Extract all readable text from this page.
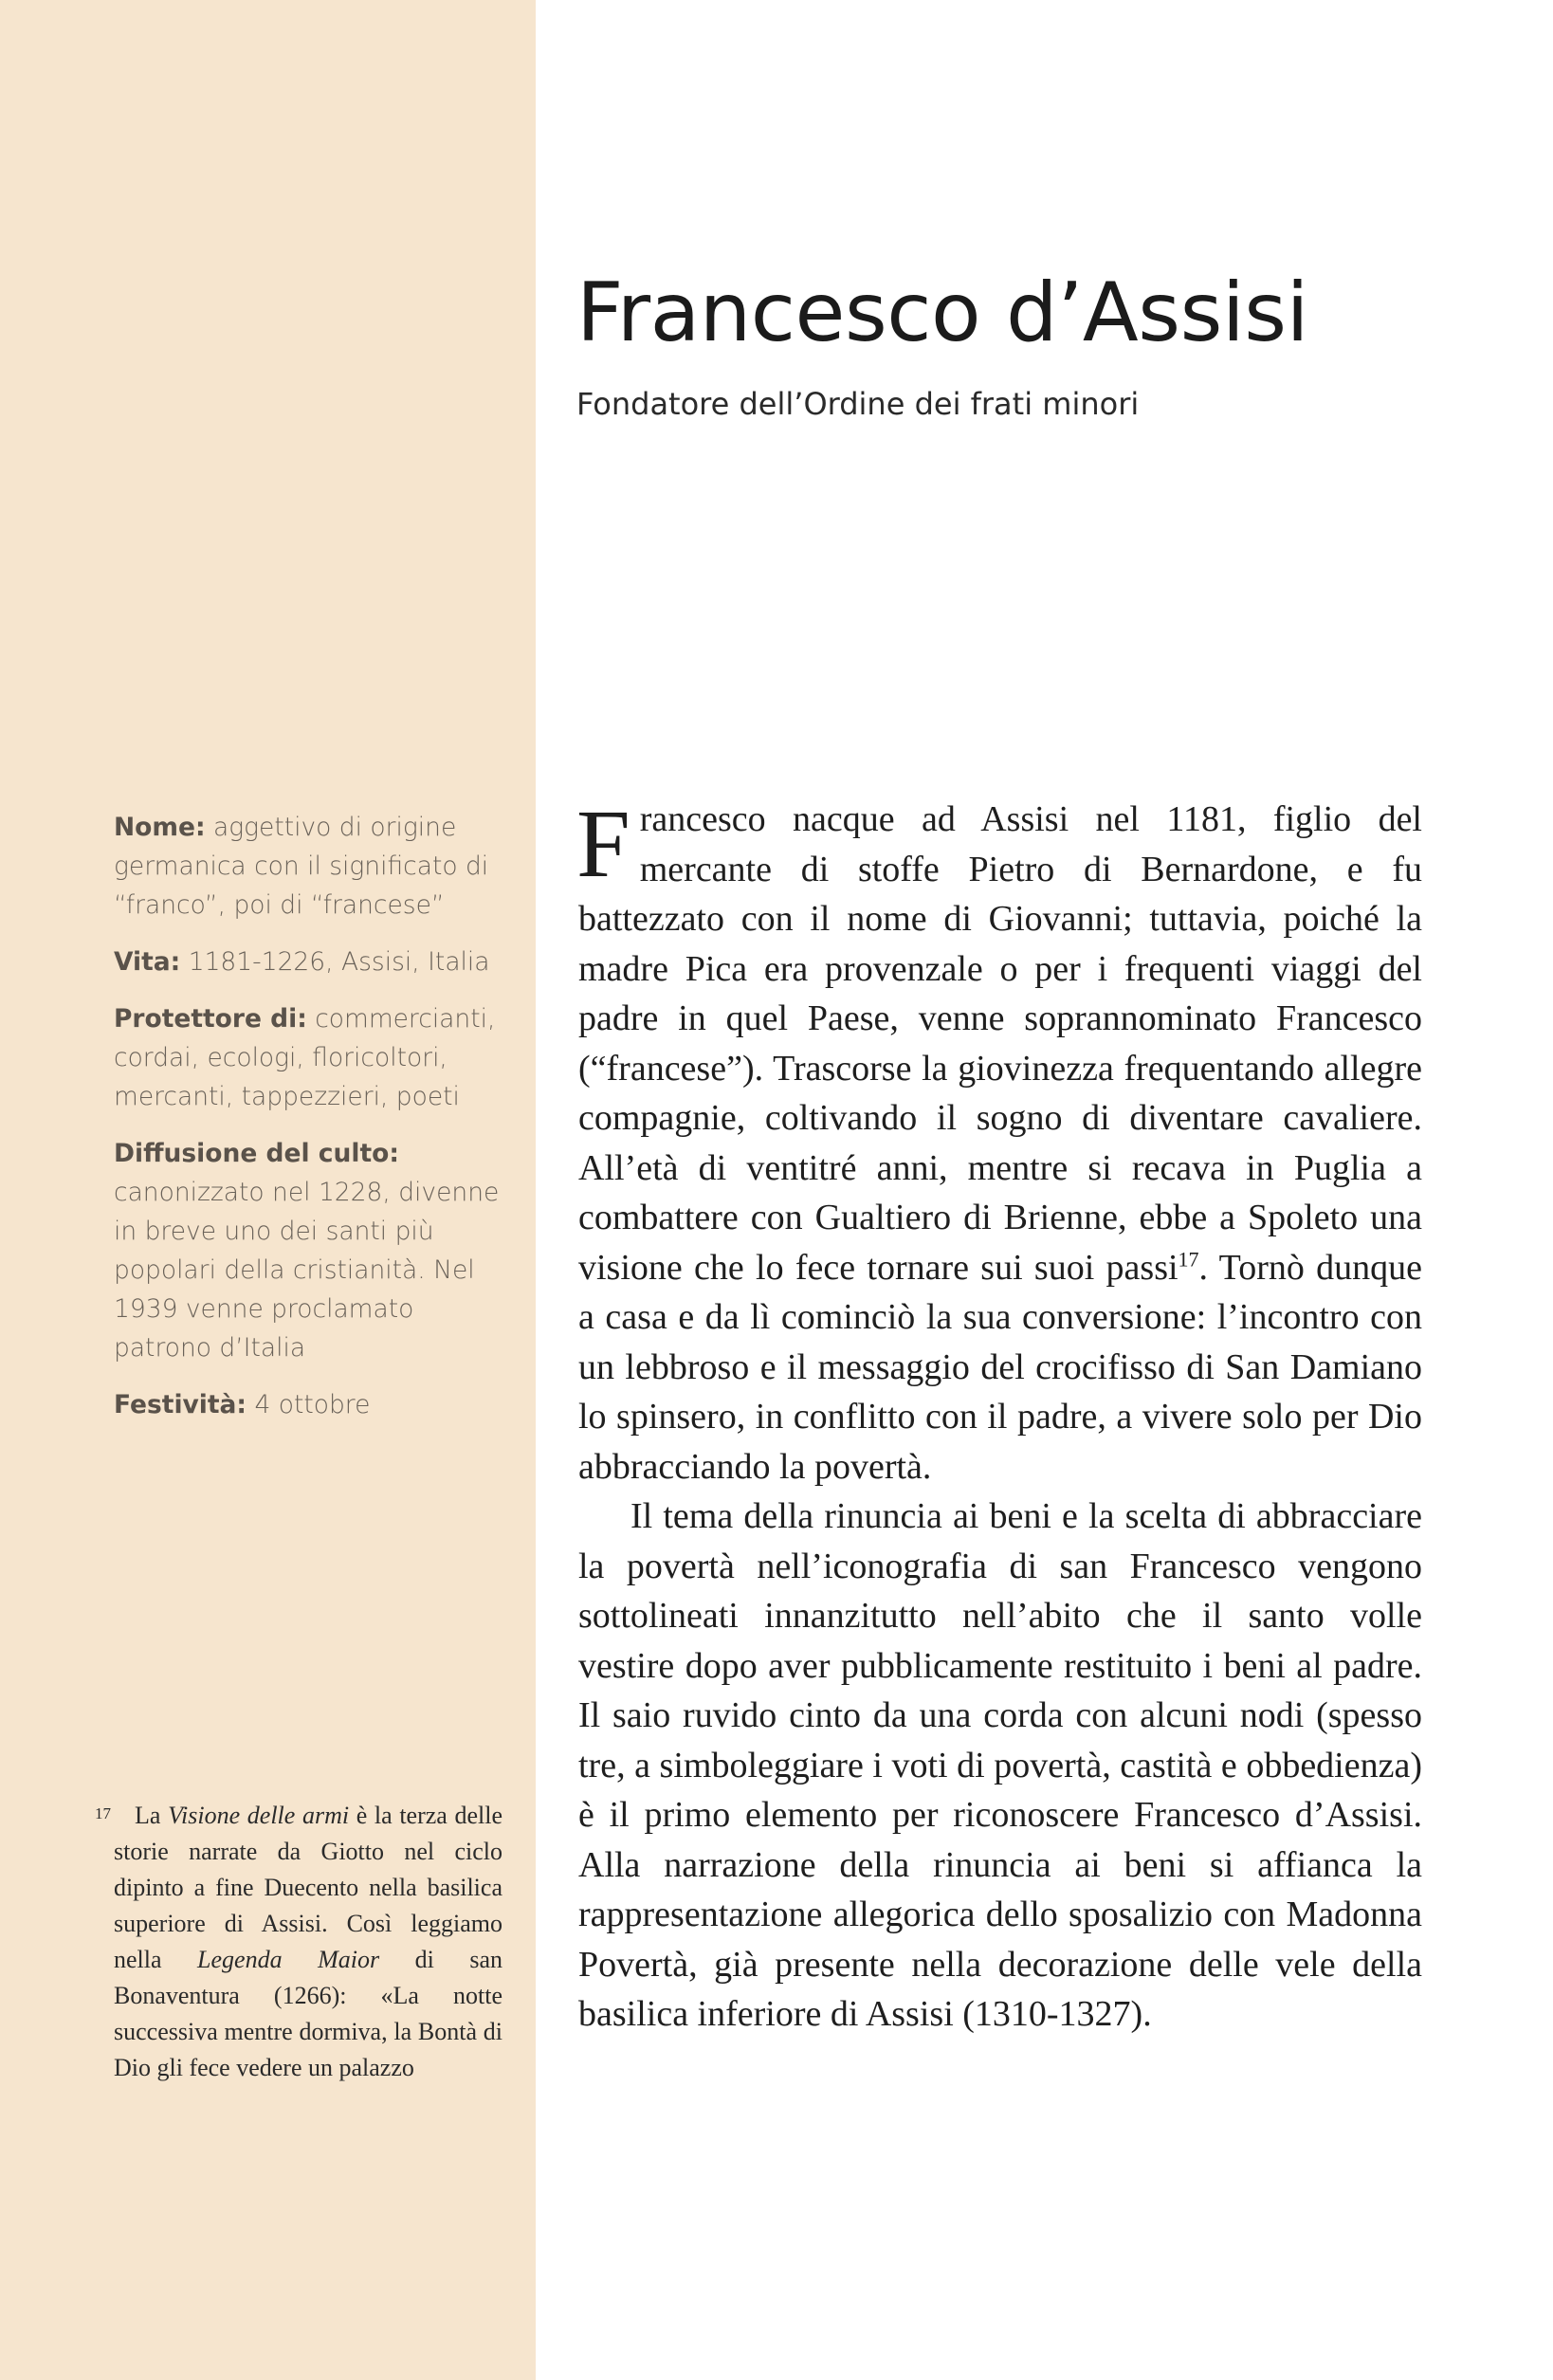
Francesco d’Assisi
Fondatore dell’Ordine dei frati minori

Nome: aggettivo di origine germanica con il significato di “franco”, poi di “francese”

Vita: 1181-1226, Assisi, Italia

Protettore di: commercianti, cordai, ecologi, floricoltori, mercanti, tappezzieri, poeti

Diffusione del culto: canonizzato nel 1228, divenne in breve uno dei santi più popolari della cristianità. Nel 1939 venne proclamato patrono d’Italia

Festività: 4 ottobre

17 La Visione delle armi è la terza delle storie narrate da Giotto nel ciclo dipinto a fine Duecento nella basilica superiore di Assisi. Così leggiamo nella Legenda Maior di san Bonaventura (1266): «La notte successiva mentre dormiva, la Bontà di Dio gli fece vedere un palazzo

Francesco nacque ad Assisi nel 1181, figlio del mercante di stoffe Pietro di Bernardone, e fu battezzato con il nome di Giovanni; tuttavia, poiché la madre Pica era provenzale o per i frequenti viaggi del padre in quel Paese, venne soprannominato Francesco (“francese”). Trascorse la giovinezza frequentando allegre compagnie, coltivando il sogno di diventare cavaliere. All’età di ventitré anni, mentre si recava in Puglia a combattere con Gualtiero di Brienne, ebbe a Spoleto una visione che lo fece tornare sui suoi passi$^{17}$. Tornò dunque a casa e da lì cominciò la sua conversione: l’incontro con un lebbroso e il messaggio del crocifisso di San Damiano lo spinsero, in conflitto con il padre, a vivere solo per Dio abbracciando la povertà.

Il tema della rinuncia ai beni e la scelta di abbracciare la povertà nell’iconografia di san Francesco vengono sottolineati innanzitutto nell’abito che il santo volle vestire dopo aver pubblicamente restituito i beni al padre. Il saio ruvido cinto da una corda con alcuni nodi (spesso tre, a simboleggiare i voti di povertà, castità e obbedienza) è il primo elemento per riconoscere Francesco d’Assisi. Alla narrazione della rinuncia ai beni si affianca la rappresentazione allegorica dello sposalizio con Madonna Povertà, già presente nella decorazione delle vele della basilica inferiore di Assisi (1310-1327).
